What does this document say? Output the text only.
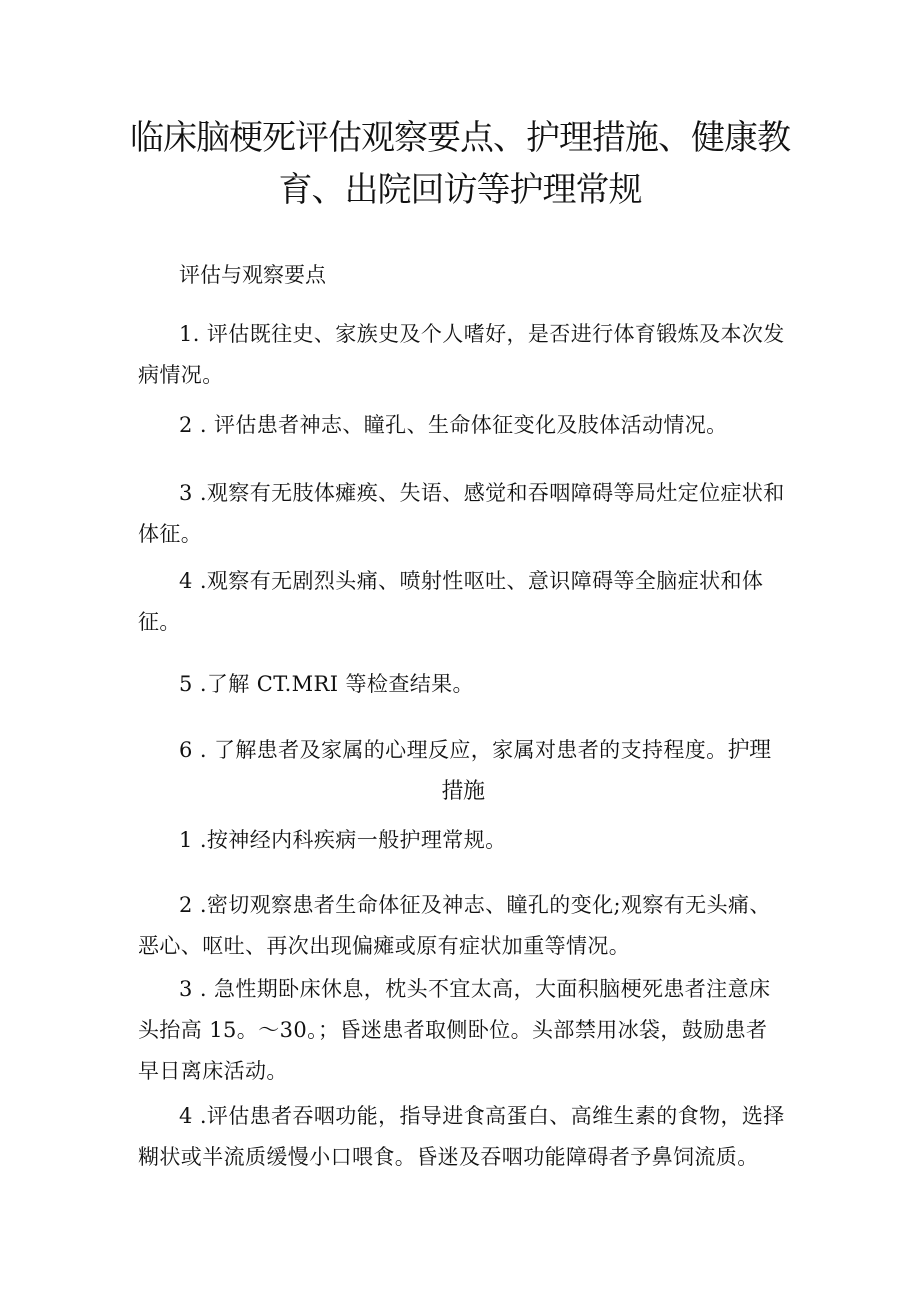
临床脑梗死评估观察要点、护理措施、健康教育、出院回访等护理常规

评估与观察要点

1. 评估既往史、家族史及个人嗜好，是否进行体育锻炼及本次发病情况。

2 . 评估患者神志、瞳孔、生命体征变化及肢体活动情况。

3 .观察有无肢体瘫痪、失语、感觉和吞咽障碍等局灶定位症状和体征。

4 .观察有无剧烈头痛、喷射性呕吐、意识障碍等全脑症状和体征。

5 .了解 CT.MRI 等检查结果。

6 . 了解患者及家属的心理反应，家属对患者的支持程度。护理
措施

1 .按神经内科疾病一般护理常规。

2 .密切观察患者生命体征及神志、瞳孔的变化;观察有无头痛、恶心、呕吐、再次出现偏瘫或原有症状加重等情况。

3 . 急性期卧床休息，枕头不宜太高，大面积脑梗死患者注意床头抬高 15。～30。；昏迷患者取侧卧位。头部禁用冰袋，鼓励患者早日离床活动。

4 .评估患者吞咽功能，指导进食高蛋白、高维生素的食物，选择糊状或半流质缓慢小口喂食。昏迷及吞咽功能障碍者予鼻饲流质。
